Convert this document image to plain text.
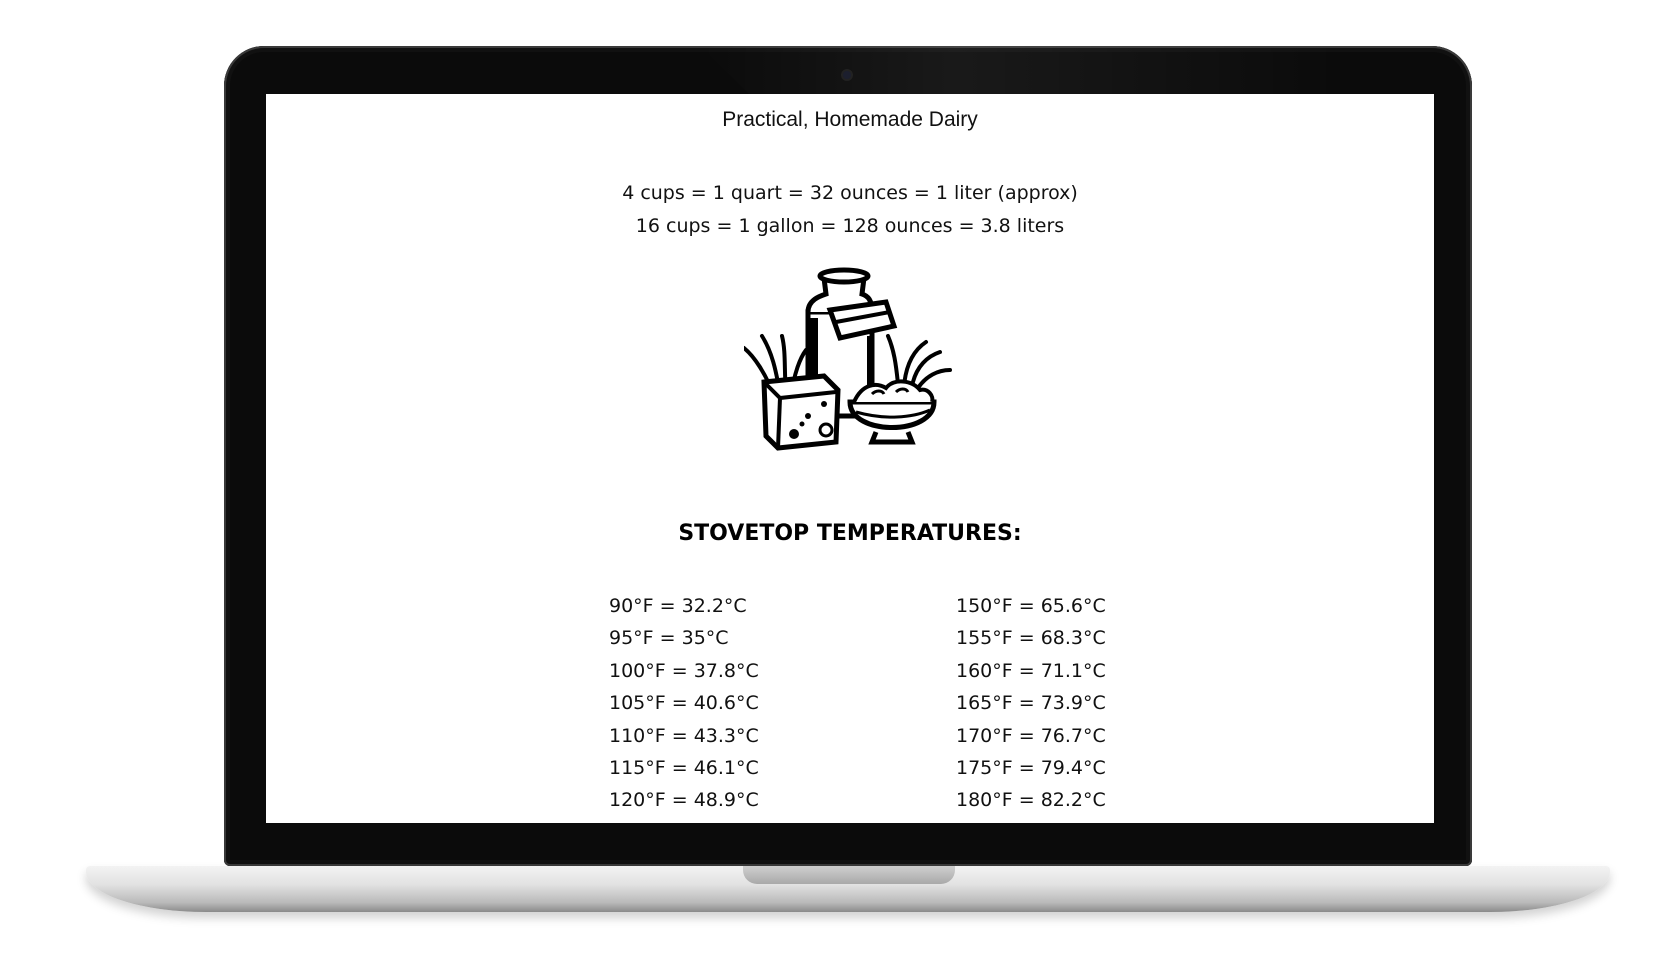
Practical, Homemade Dairy
4 cups = 1 quart = 32 ounces = 1 liter (approx)
16 cups = 1 gallon = 128 ounces = 3.8 liters
STOVETOP TEMPERATURES:
90°F = 32.2°C
95°F = 35°C
100°F = 37.8°C
105°F = 40.6°C
110°F = 43.3°C
115°F = 46.1°C
120°F = 48.9°C
150°F = 65.6°C
155°F = 68.3°C
160°F = 71.1°C
165°F = 73.9°C
170°F = 76.7°C
175°F = 79.4°C
180°F = 82.2°C
